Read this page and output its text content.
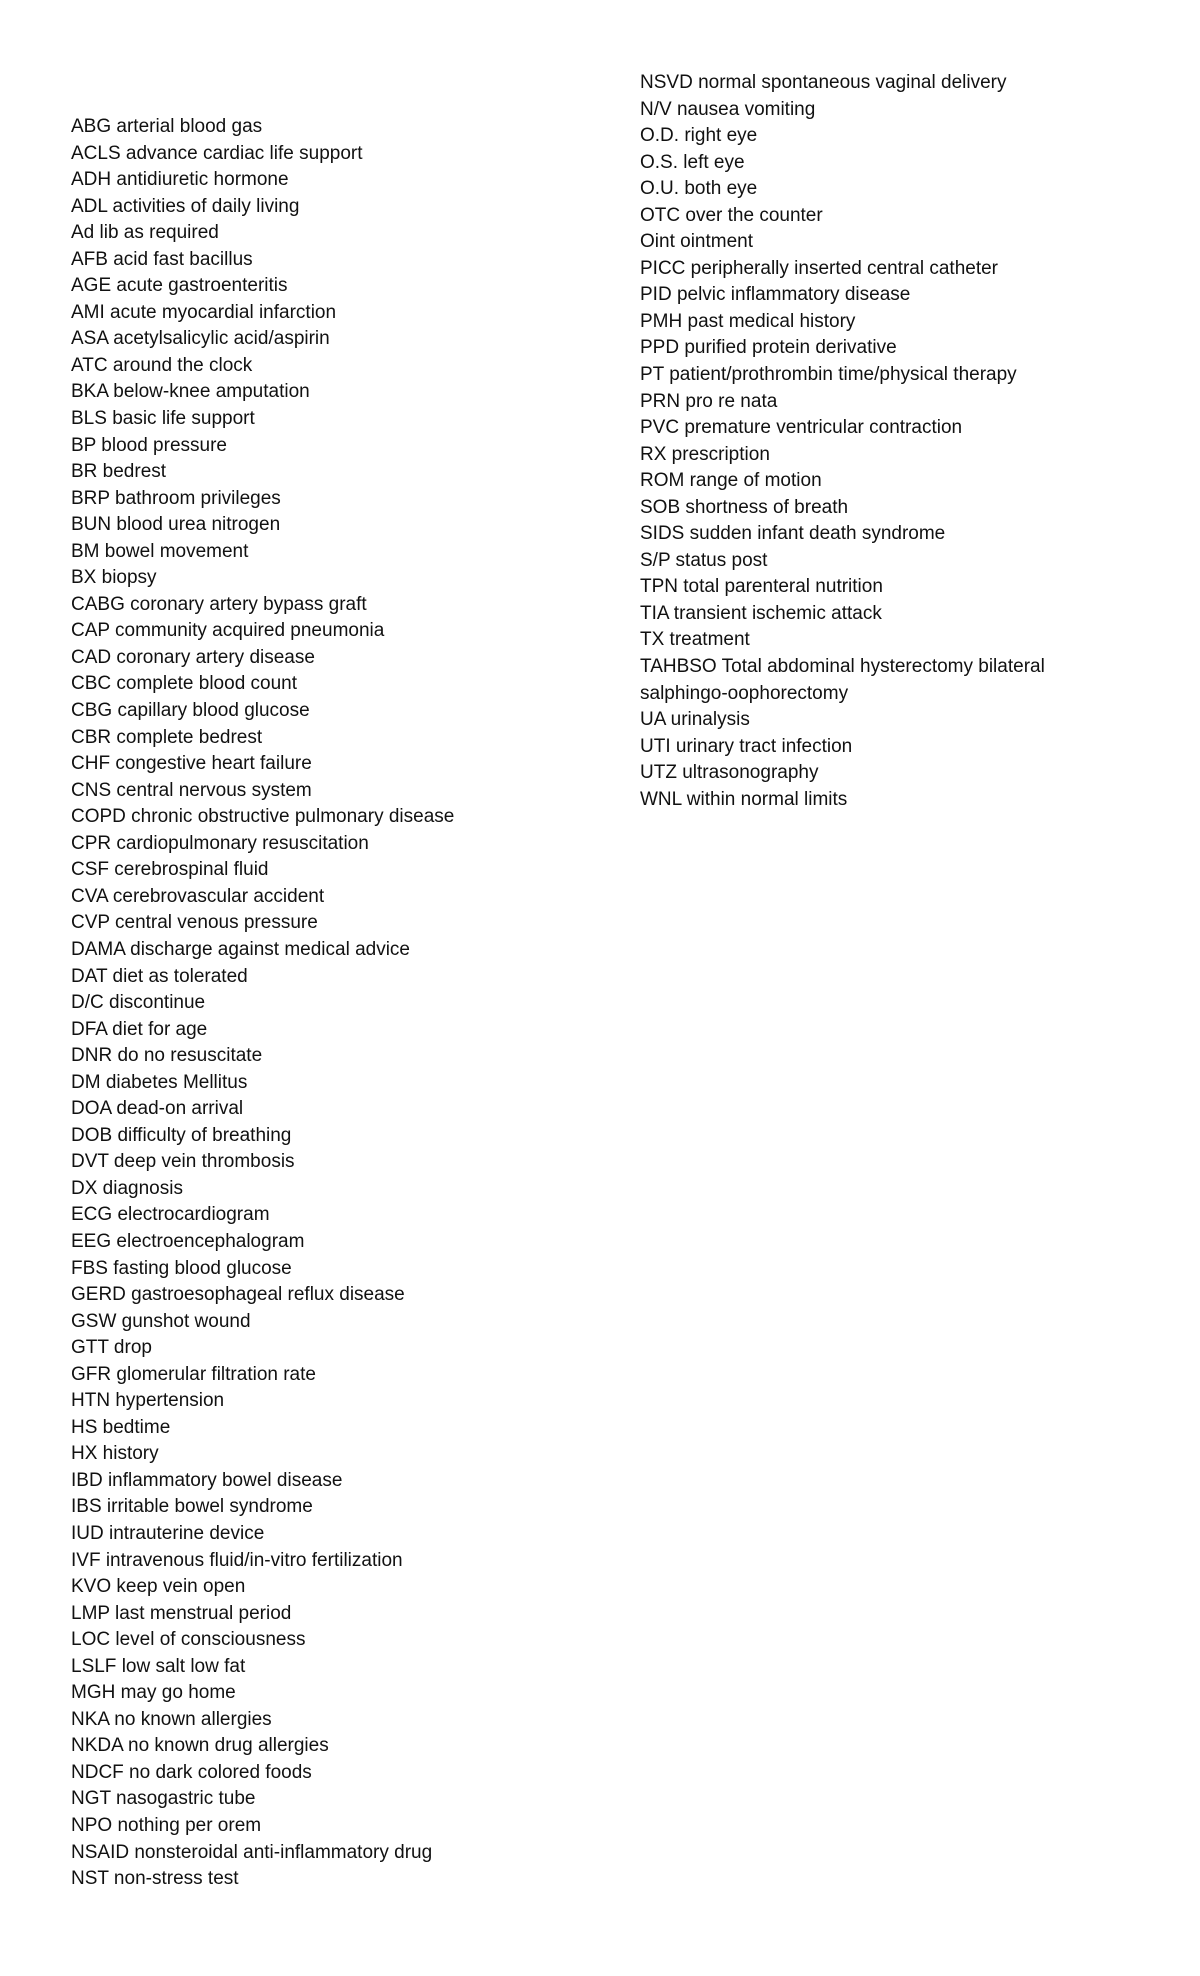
ABG arterial blood gas
ACLS advance cardiac life support
ADH antidiuretic hormone
ADL activities of daily living
Ad lib as required
AFB acid fast bacillus
AGE acute gastroenteritis
AMI acute myocardial infarction
ASA acetylsalicylic acid/aspirin
ATC around the clock
BKA below-knee amputation
BLS basic life support
BP blood pressure
BR bedrest
BRP bathroom privileges
BUN blood urea nitrogen
BM bowel movement
BX biopsy
CABG coronary artery bypass graft
CAP community acquired pneumonia
CAD coronary artery disease
CBC complete blood count
CBG capillary blood glucose
CBR complete bedrest
CHF congestive heart failure
CNS central nervous system
COPD chronic obstructive pulmonary disease
CPR cardiopulmonary resuscitation
CSF cerebrospinal fluid
CVA cerebrovascular accident
CVP central venous pressure
DAMA discharge against medical advice
DAT diet as tolerated
D/C discontinue
DFA diet for age
DNR do no resuscitate
DM diabetes Mellitus
DOA dead-on arrival
DOB difficulty of breathing
DVT deep vein thrombosis
DX diagnosis
ECG electrocardiogram
EEG electroencephalogram
FBS fasting blood glucose
GERD gastroesophageal reflux disease
GSW gunshot wound
GTT drop
GFR glomerular filtration rate
HTN hypertension
HS bedtime
HX history
IBD inflammatory bowel disease
IBS irritable bowel syndrome
IUD intrauterine device
IVF intravenous fluid/in-vitro fertilization
KVO keep vein open
LMP last menstrual period
LOC level of consciousness
LSLF low salt low fat
MGH may go home
NKA no known allergies
NKDA no known drug allergies
NDCF no dark colored foods
NGT nasogastric tube
NPO nothing per orem
NSAID nonsteroidal anti-inflammatory drug
NST non-stress test
NSVD normal spontaneous vaginal delivery
N/V nausea vomiting
O.D. right eye
O.S. left eye
O.U. both eye
OTC over the counter
Oint ointment
PICC peripherally inserted central catheter
PID pelvic inflammatory disease
PMH past medical history
PPD purified protein derivative
PT patient/prothrombin time/physical therapy
PRN pro re nata
PVC premature ventricular contraction
RX prescription
ROM range of motion
SOB shortness of breath
SIDS sudden infant death syndrome
S/P status post
TPN total parenteral nutrition
TIA transient ischemic attack
TX treatment
TAHBSO Total abdominal hysterectomy bilateral
salphingo-oophorectomy
UA urinalysis
UTI urinary tract infection
UTZ ultrasonography
WNL within normal limits
